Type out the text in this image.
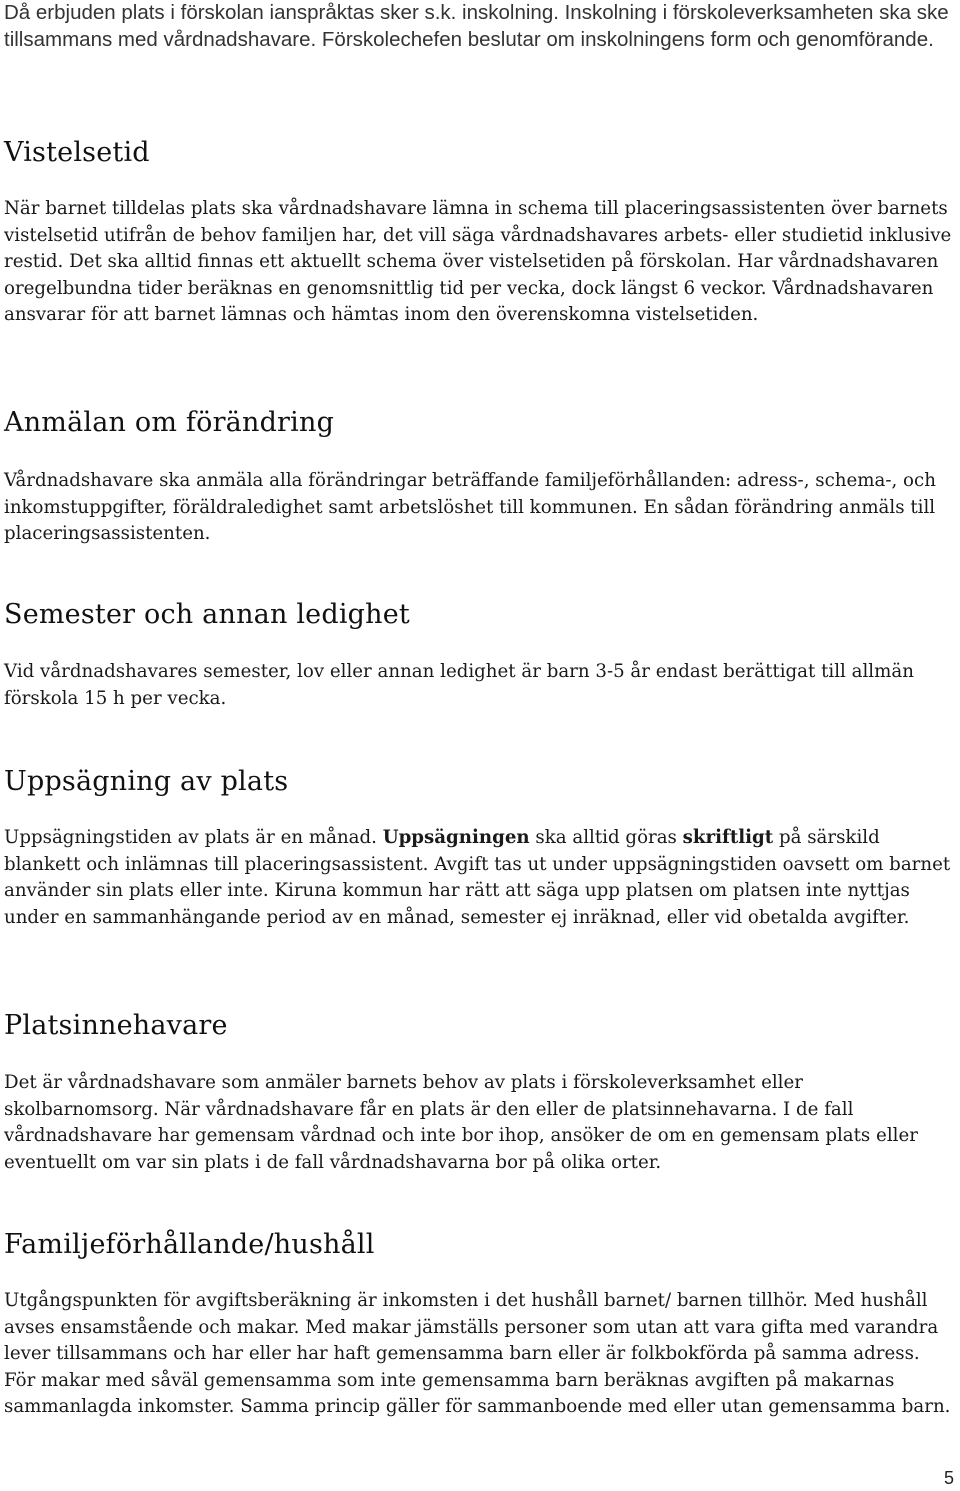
Då erbjuden plats i förskolan ianspråktas sker s.k. inskolning. Inskolning i förskoleverksamheten ska ske tillsammans med vårdnadshavare. Förskolechefen beslutar om inskolningens form och genomförande.

Vistelsetid

När barnet tilldelas plats ska vårdnadshavare lämna in schema till placeringsassistenten över barnets vistelsetid utifrån de behov familjen har, det vill säga vårdnadshavares arbets- eller studietid inklusive restid. Det ska alltid finnas ett aktuellt schema över vistelsetiden på förskolan. Har vårdnadshavaren oregelbundna tider beräknas en genomsnittlig tid per vecka, dock längst 6 veckor. Vårdnadshavaren ansvarar för att barnet lämnas och hämtas inom den överenskomna vistelsetiden.

Anmälan om förändring

Vårdnadshavare ska anmäla alla förändringar beträffande familjeförhållanden: adress-, schema-, och inkomstuppgifter, föräldraledighet samt arbetslöshet till kommunen. En sådan förändring anmäls till placeringsassistenten.

Semester och annan ledighet

Vid vårdnadshavares semester, lov eller annan ledighet är barn 3-5 år endast berättigat till allmän förskola 15 h per vecka.

Uppsägning av plats

Uppsägningstiden av plats är en månad. Uppsägningen ska alltid göras skriftligt på särskild blankett och inlämnas till placeringsassistent. Avgift tas ut under uppsägningstiden oavsett om barnet använder sin plats eller inte. Kiruna kommun har rätt att säga upp platsen om platsen inte nyttjas under en sammanhängande period av en månad, semester ej inräknad, eller vid obetalda avgifter.

Platsinnehavare

Det är vårdnadshavare som anmäler barnets behov av plats i förskoleverksamhet eller skolbarnomsorg. När vårdnadshavare får en plats är den eller de platsinnehavarna. I de fall vårdnadshavare har gemensam vårdnad och inte bor ihop, ansöker de om en gemensam plats eller eventuellt om var sin plats i de fall vårdnadshavarna bor på olika orter.

Familjeförhållande/hushåll

Utgångspunkten för avgiftsberäkning är inkomsten i det hushåll barnet/ barnen tillhör. Med hushåll avses ensamstående och makar. Med makar jämställs personer som utan att vara gifta med varandra lever tillsammans och har eller har haft gemensamma barn eller är folkbokförda på samma adress. För makar med såväl gemensamma som inte gemensamma barn beräknas avgiften på makarnas sammanlagda inkomster. Samma princip gäller för sammanboende med eller utan gemensamma barn.

5
